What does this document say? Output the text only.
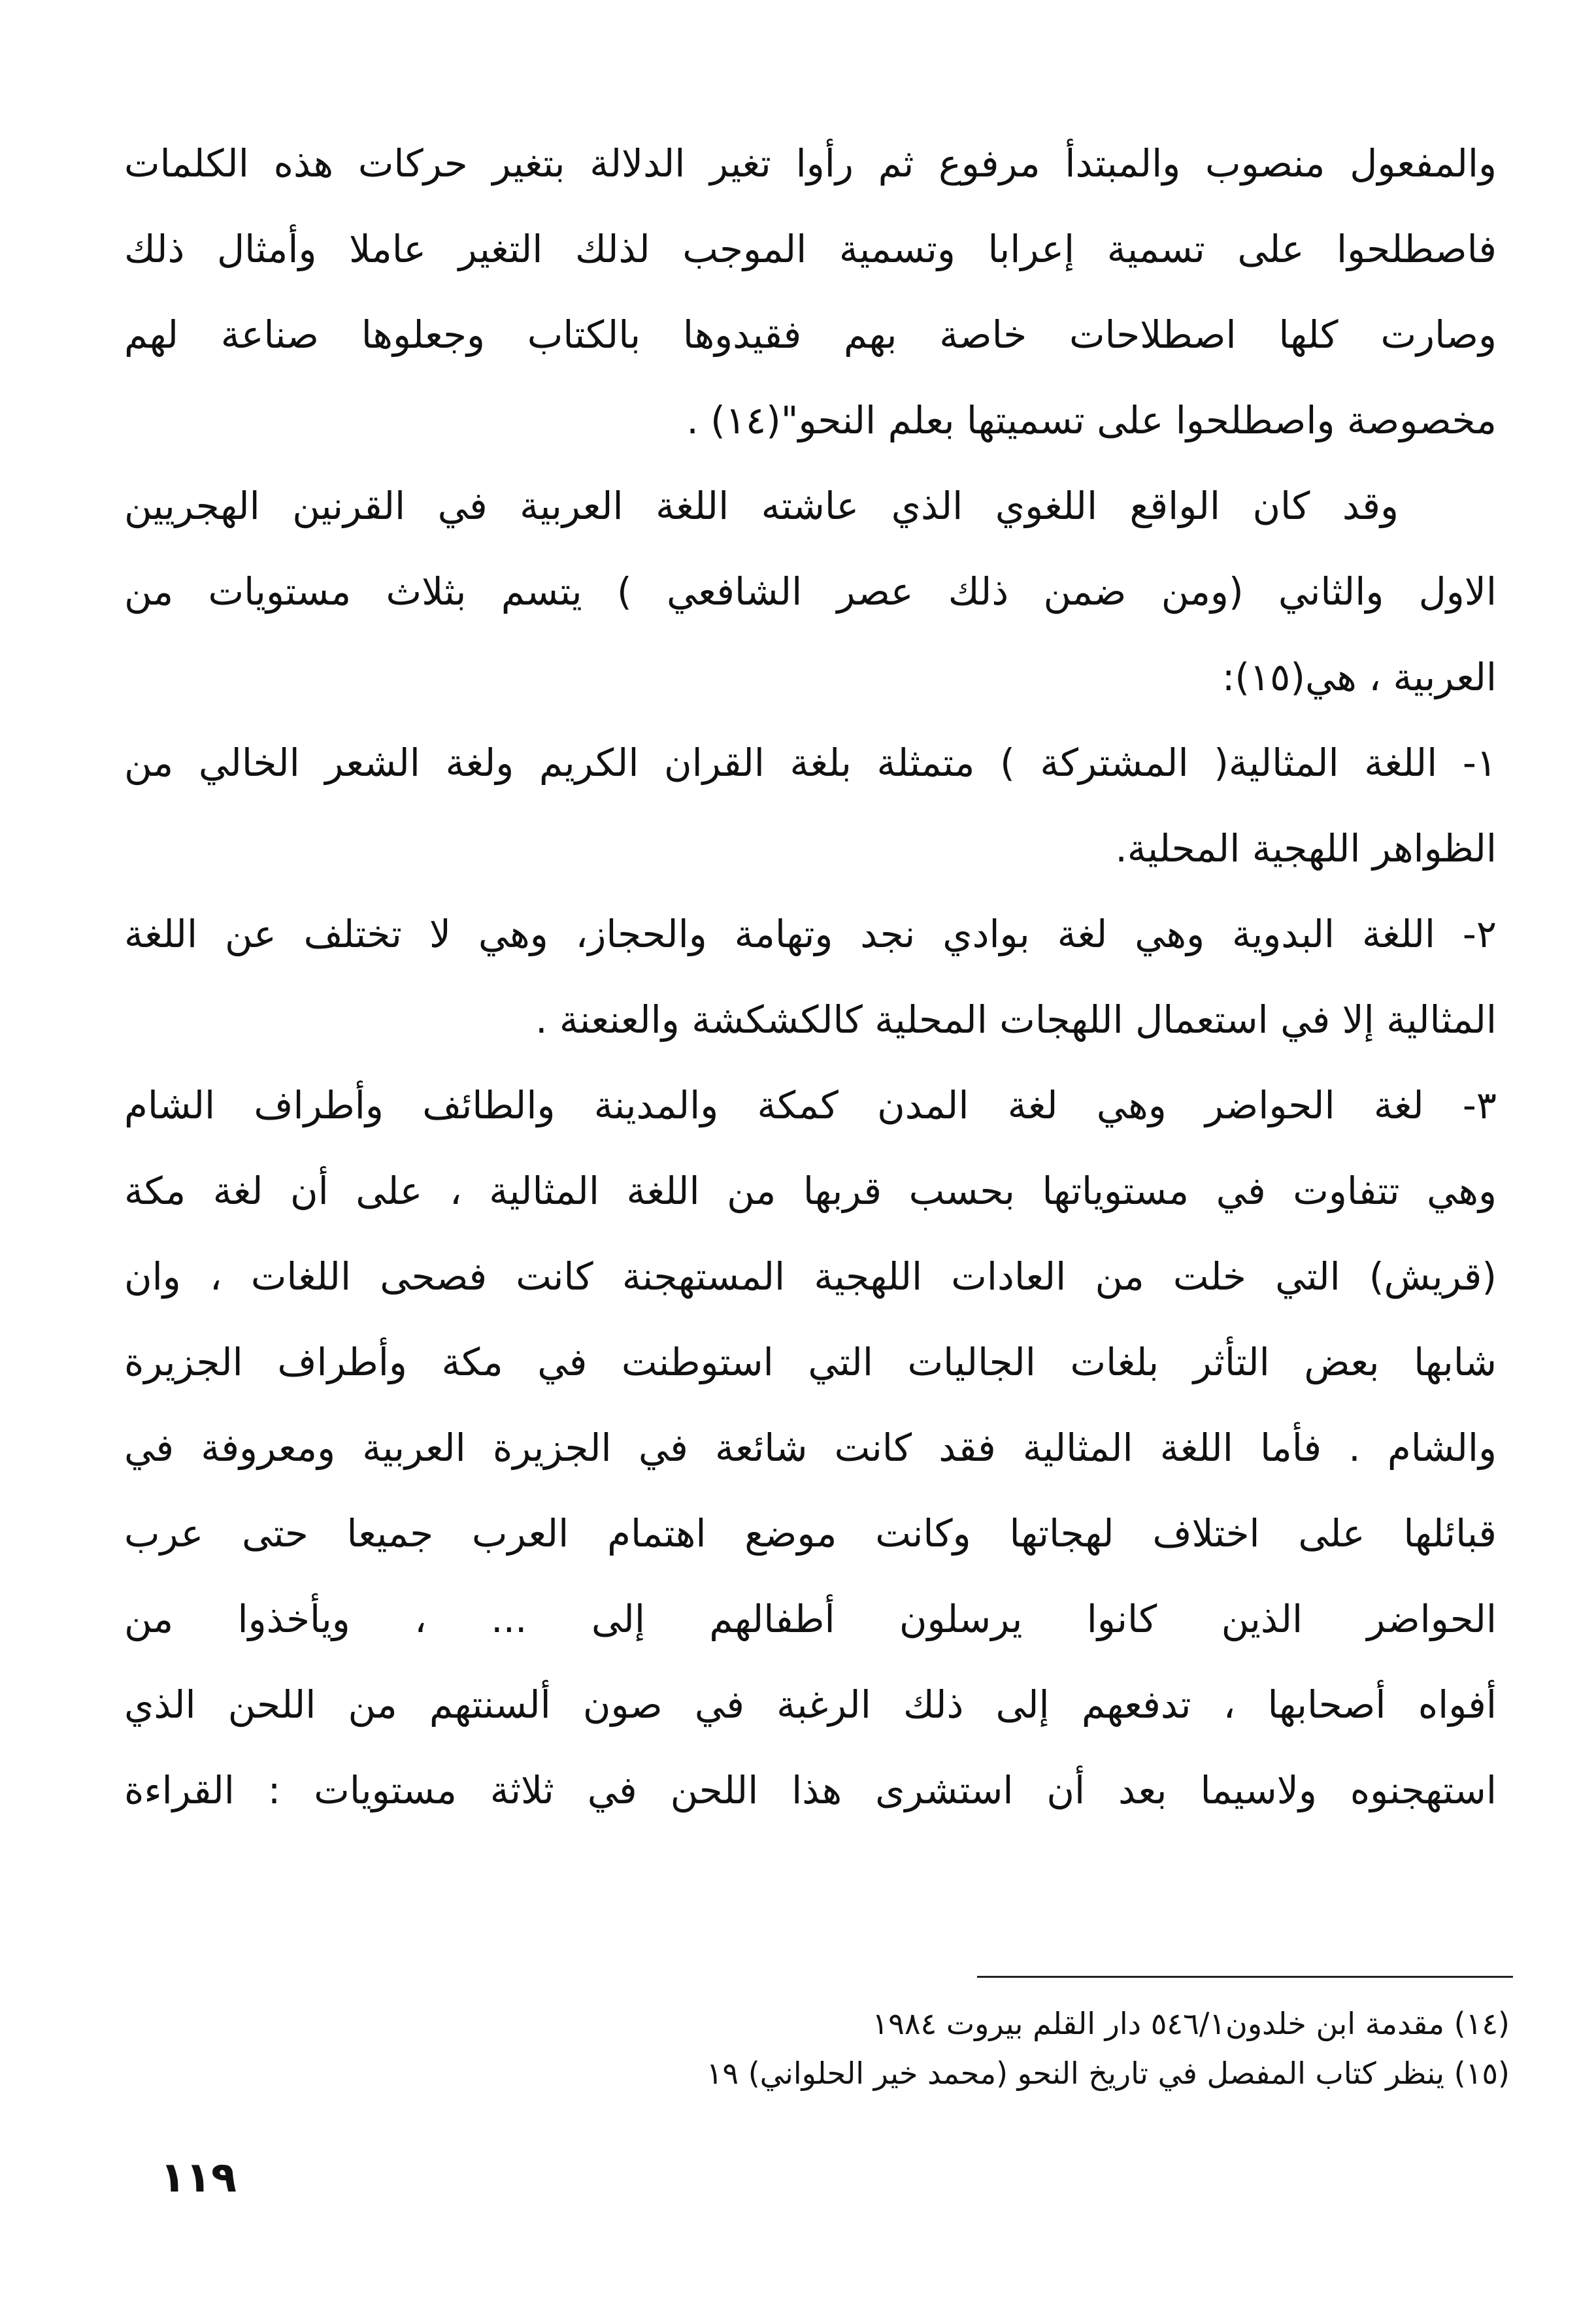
والمفعول منصوب والمبتدأ مرفوع ثم رأوا تغير الدلالة بتغير حركات هذه الكلمات
فاصطلحوا على تسمية إعرابا وتسمية الموجب لذلك التغير عاملا وأمثال ذلك
وصارت كلها اصطلاحات خاصة بهم فقيدوها بالكتاب وجعلوها صناعة لهم
مخصوصة واصطلحوا على تسميتها بعلم النحو"(١٤) .
وقد كان الواقع اللغوي الذي عاشته اللغة العربية في القرنين الهجريين
الاول والثاني (ومن ضمن ذلك عصر الشافعي ) يتسم بثلاث مستويات من
العربية ، هي(١٥):
١- اللغة المثالية( المشتركة ) متمثلة بلغة القران الكريم ولغة الشعر الخالي من
الظواهر اللهجية المحلية.
٢- اللغة البدوية وهي لغة بوادي نجد وتهامة والحجاز، وهي لا تختلف عن اللغة
المثالية إلا في استعمال اللهجات المحلية كالكشكشة والعنعنة .
٣- لغة الحواضر وهي لغة المدن كمكة والمدينة والطائف وأطراف الشام
وهي تتفاوت في مستوياتها بحسب قربها من اللغة المثالية ، على أن لغة مكة
(قريش) التي خلت من العادات اللهجية المستهجنة كانت فصحى اللغات ، وان
شابها بعض التأثر بلغات الجاليات التي استوطنت في مكة وأطراف الجزيرة
والشام . فأما اللغة المثالية فقد كانت شائعة في الجزيرة العربية ومعروفة في
قبائلها على اختلاف لهجاتها وكانت موضع اهتمام العرب جميعا حتى عرب
الحواضر الذين كانوا يرسلون أطفالهم إلى ... ، ويأخذوا من
أفواه أصحابها ، تدفعهم إلى ذلك الرغبة في صون ألسنتهم من اللحن الذي
استهجنوه ولاسيما بعد أن استشرى هذا اللحن في ثلاثة مستويات : القراءة
(١٤) مقدمة ابن خلدون٥٤٦/١ دار القلم بيروت ١٩٨٤
(١٥) ينظر كتاب المفصل في تاريخ النحو (محمد خير الحلواني) ١٩
١١٩
